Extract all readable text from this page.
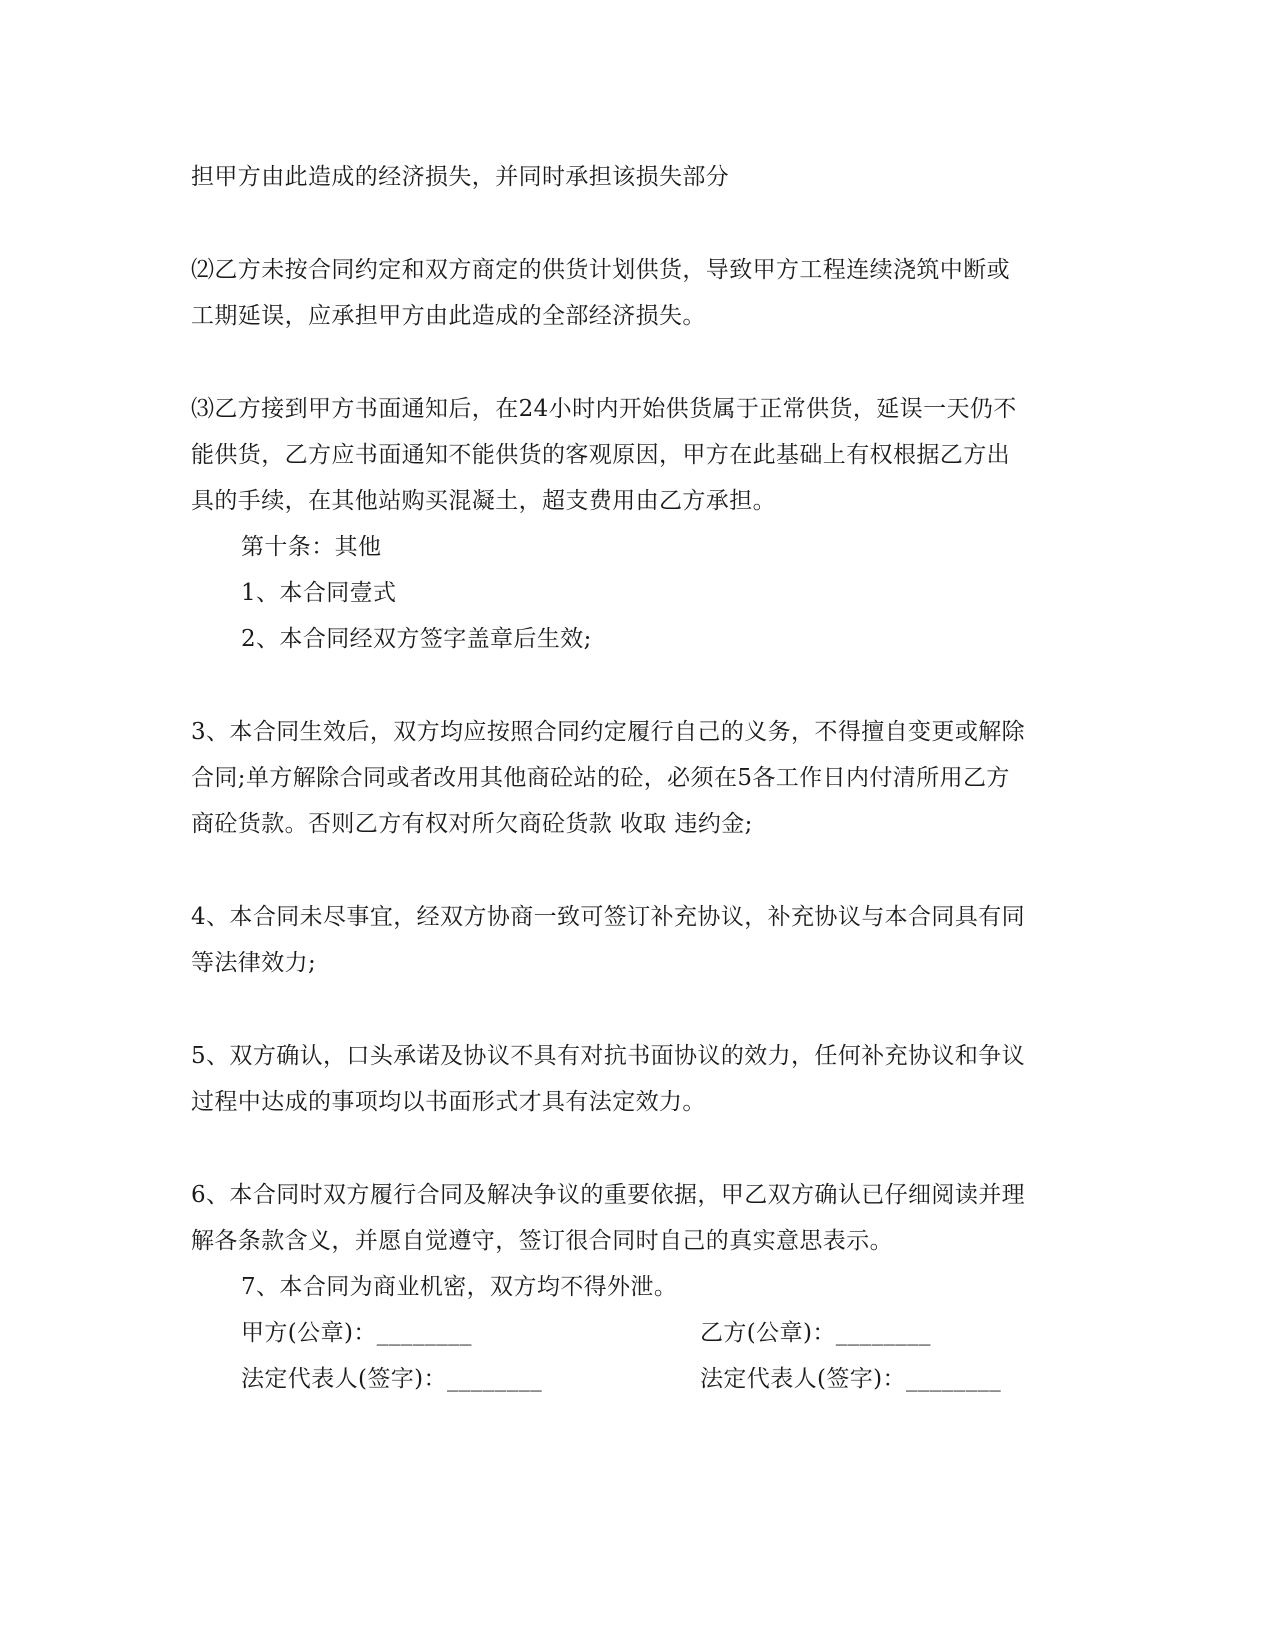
担甲方由此造成的经济损失，并同时承担该损失部分
⑵乙方未按合同约定和双方商定的供货计划供货，导致甲方工程连续浇筑中断或
工期延误，应承担甲方由此造成的全部经济损失。
⑶乙方接到甲方书面通知后，在24小时内开始供货属于正常供货，延误一天仍不
能供货，乙方应书面通知不能供货的客观原因，甲方在此基础上有权根据乙方出
具的手续，在其他站购买混凝土，超支费用由乙方承担。
第十条：其他
1、本合同壹式
2、本合同经双方签字盖章后生效;
3、本合同生效后，双方均应按照合同约定履行自己的义务，不得擅自变更或解除
合同;单方解除合同或者改用其他商砼站的砼，必须在5各工作日内付清所用乙方
商砼货款。否则乙方有权对所欠商砼货款 收取 违约金;
4、本合同未尽事宜，经双方协商一致可签订补充协议，补充协议与本合同具有同
等法律效力;
5、双方确认，口头承诺及协议不具有对抗书面协议的效力，任何补充协议和争议
过程中达成的事项均以书面形式才具有法定效力。
6、本合同时双方履行合同及解决争议的重要依据，甲乙双方确认已仔细阅读并理
解各条款含义，并愿自觉遵守，签订很合同时自己的真实意思表示。
7、本合同为商业机密，双方均不得外泄。
甲方(公章)：________	乙方(公章)：________
法定代表人(签字)：________	法定代表人(签字)：________
